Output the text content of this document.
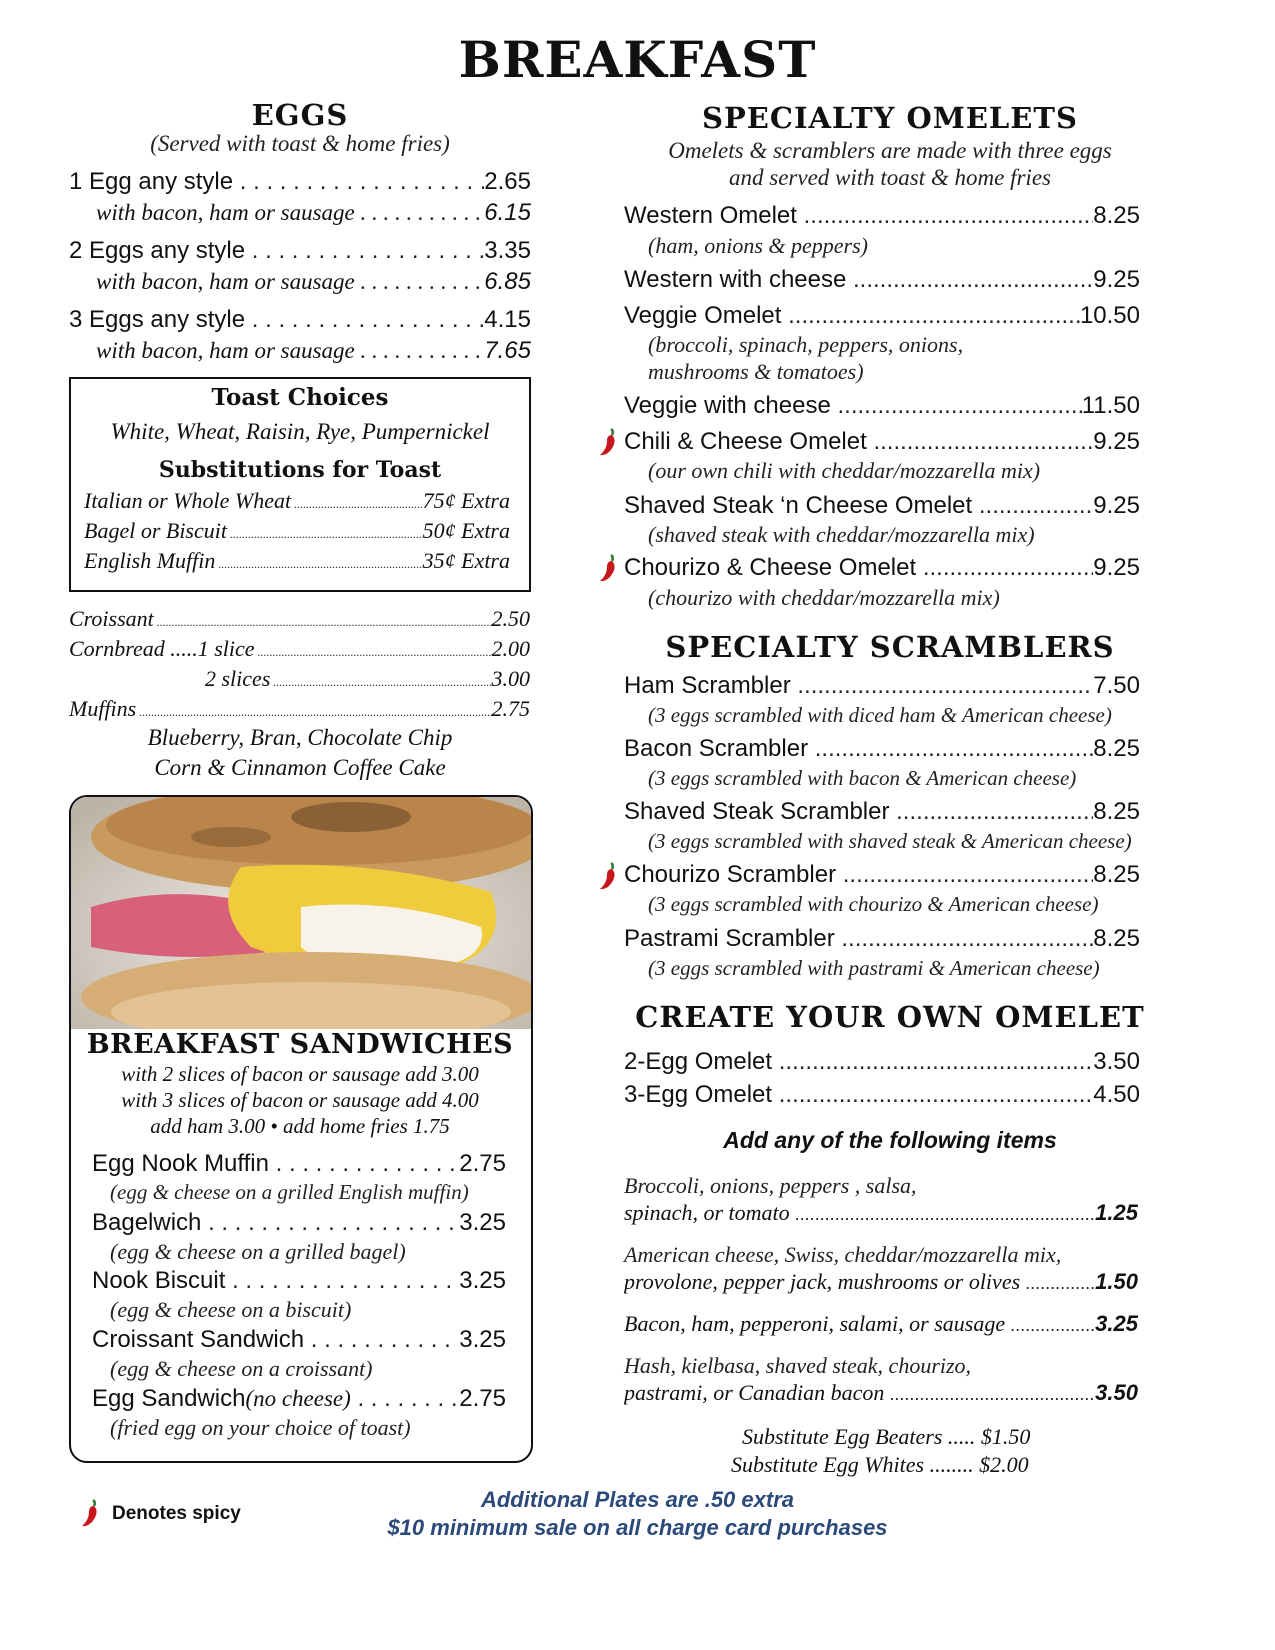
BREAKFAST
EGGS
(Served with toast & home fries)
1 Egg any style . . .	2.65
with bacon, ham or sausage . . .	6.15
2 Eggs any style . . .	3.35
with bacon, ham or sausage . . .	6.85
3 Eggs any style . . .	4.15
with bacon, ham or sausage . . .	7.65
Toast Choices
White, Wheat, Raisin, Rye, Pumpernickel
Substitutions for Toast
Italian or Whole Wheat .....	75¢ Extra
Bagel or Biscuit .....	50¢ Extra
English Muffin .....	35¢ Extra
Croissant .....	2.50
Cornbread .....1 slice .....	2.00
2 slices .....	3.00
Muffins .....	2.75
Blueberry, Bran, Chocolate Chip
Corn & Cinnamon Coffee Cake
BREAKFAST SANDWICHES
with 2 slices of bacon or sausage add 3.00
with 3 slices of bacon or sausage add 4.00
add ham 3.00 • add home fries 1.75
Egg Nook Muffin . . .	2.75
(egg & cheese on a grilled English muffin)
Bagelwich . . .	3.25
(egg & cheese on a grilled bagel)
Nook Biscuit . . .	3.25
(egg & cheese on a biscuit)
Croissant Sandwich . . .	3.25
(egg & cheese on a croissant)
Egg Sandwich (no cheese) . . .	2.75
(fried egg on your choice of toast)
SPECIALTY OMELETS
Omelets & scramblers are made with three eggs
and served with toast & home fries
Western Omelet .....	8.25
(ham, onions & peppers)
Western with cheese .....	9.25
Veggie Omelet .....	10.50
(broccoli, spinach, peppers, onions,
mushrooms & tomatoes)
Veggie with cheese .....	11.50
Chili & Cheese Omelet .....	9.25
(our own chili with cheddar/mozzarella mix)
Shaved Steak ‘n Cheese Omelet .....	9.25
(shaved steak with cheddar/mozzarella mix)
Chourizo & Cheese Omelet .....	9.25
(chourizo with cheddar/mozzarella mix)
SPECIALTY SCRAMBLERS
Ham Scrambler .....	7.50
(3 eggs scrambled with diced ham & American cheese)
Bacon Scrambler .....	8.25
(3 eggs scrambled with bacon & American cheese)
Shaved Steak Scrambler .....	8.25
(3 eggs scrambled with shaved steak & American cheese)
Chourizo Scrambler .....	8.25
(3 eggs scrambled with chourizo & American cheese)
Pastrami Scrambler .....	8.25
(3 eggs scrambled with pastrami & American cheese)
CREATE YOUR OWN OMELET
2-Egg Omelet .....	3.50
3-Egg Omelet .....	4.50
Add any of the following items
Broccoli, onions, peppers , salsa,
spinach, or tomato .....	1.25
American cheese, Swiss, cheddar/mozzarella mix,
provolone, pepper jack, mushrooms or olives .....	1.50
Bacon, ham, pepperoni, salami, or sausage .....	3.25
Hash, kielbasa, shaved steak, chourizo,
pastrami, or Canadian bacon .....	3.50
Substitute Egg Beaters ..... $1.50
Substitute Egg Whites ........ $2.00
Denotes spicy
Additional Plates are .50 extra
$10 minimum sale on all charge card purchases
